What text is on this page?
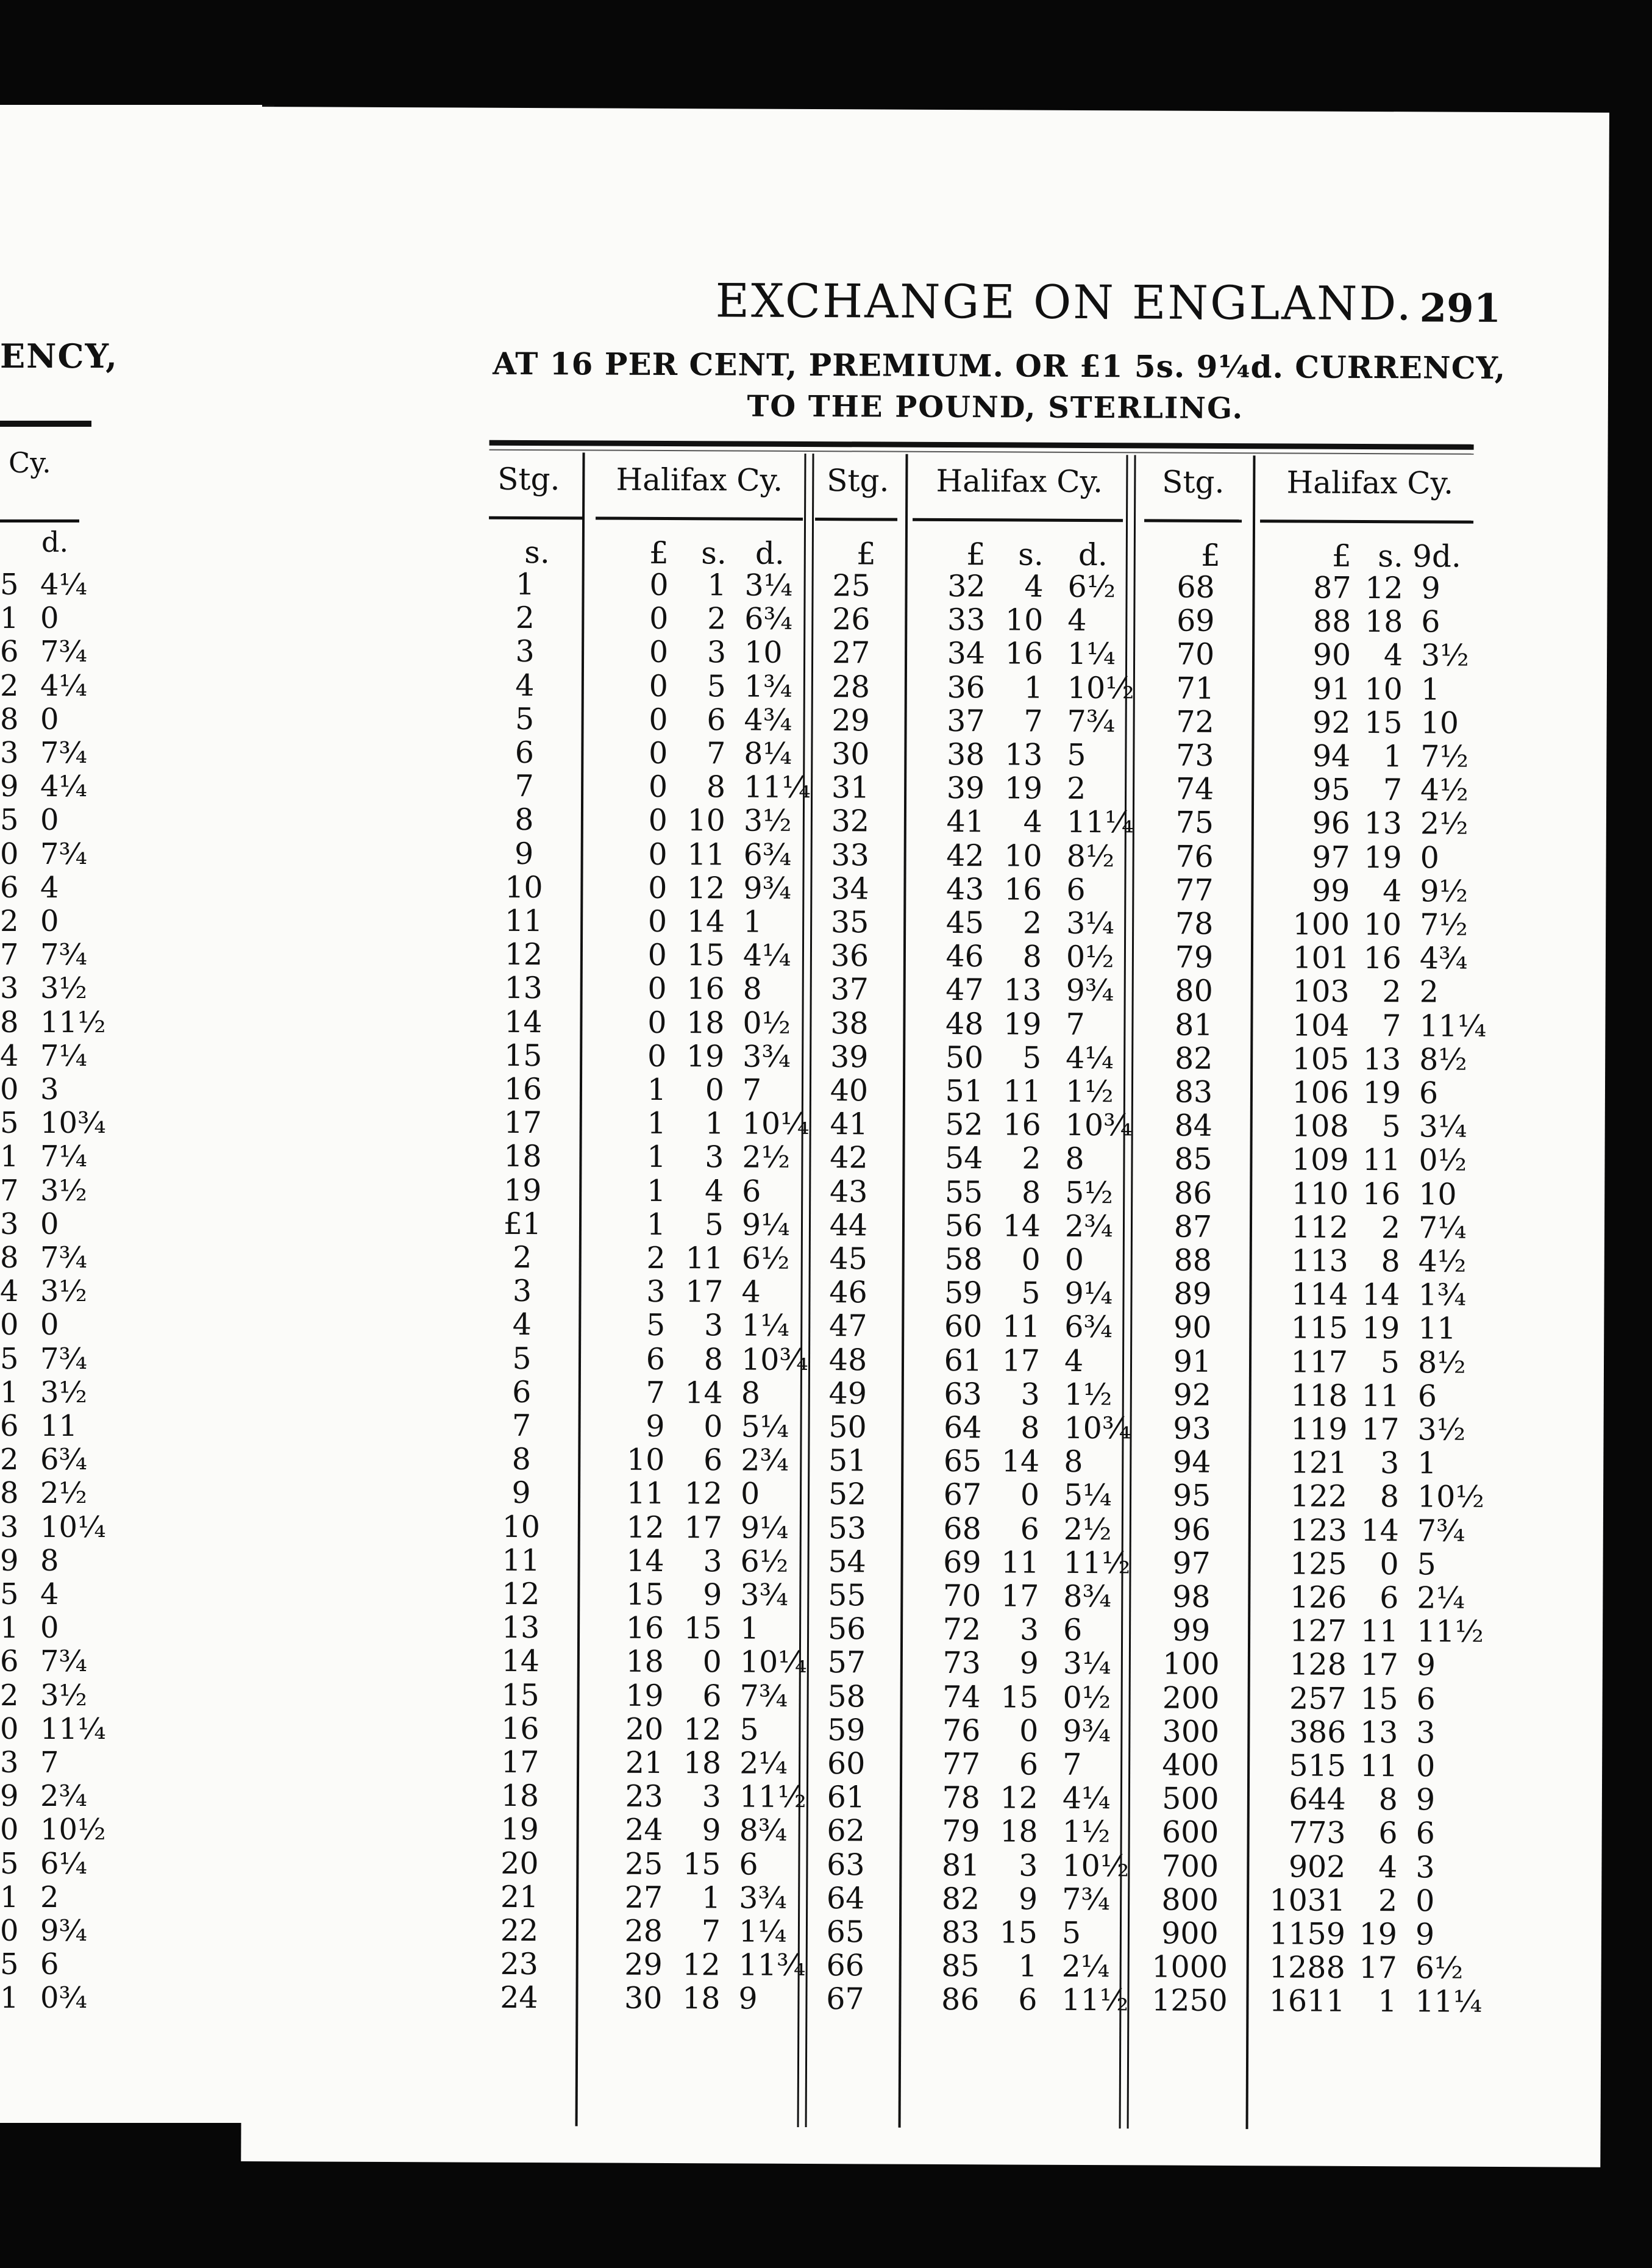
ENCY,
Cy.
d.
5 4¼
1 0
6 7¾
2 4¼
8 0
3 7¾
9 4¼
5 0
0 7¾
6 4
2 0
7 7¾
3 3½
8 11½
4 7¼
0 3
5 10¾
1 7¼
7 3½
3 0
8 7¾
4 3½
0 0
5 7¾
1 3½
6 11
2 6¾
8 2½
3 10¼
9 8
5 4
1 0
6 7¾
2 3½
0 11¼
3 7
9 2¾
0 10½
5 6¼
1 2
0 9¾
5 6
1 0¾
EXCHANGE ON ENGLAND. 291
AT 16 PER CENT, PREMIUM. OR £1 5s. 9¼d. CURRENCY,
TO THE POUND, STERLING.
Stg.	Halifax Cy.	Stg.	Halifax Cy.	Stg.	Halifax Cy.
s.	£	s. d.
1	0	1 3¼
2	0	2 6¾
3	0	3 10
4	0	5 1¾
5	0	6 4¾
6	0	7 8¼
7	0	8 11¼
8	0 10 3½
9	0 11 6¾
10	0 12 9¾
11	0 14 1
12	0 15 4¼
13	0 16 8
14	0 18 0½
15	0 19 3¾
16	1	0 7
17	1	1 10¼
18	1	3 2½
19	1	4 6
£1	1	5 9¼
2	2 11 6½
3	3 17 4
4	5	3 1¼
5	6	8 10¾
6	7 14 8
7	9	0 5¼
8	10	6 2¾
9	11 12 0
10	12 17 9¼
11	14	3 6½
12	15	9 3¾
13	16 15 1
14	18	0 10¼
15	19	6 7¾
16	20 12 5
17	21 18 2¼
18	23	3 11½
19	24	9 8¾
20	25 15 6
21	27	1 3¾
22	28	7 1¼
23	29 12 11¾
24	30 18 9
£	£	s.	d.
25	32	4 6½
26	33 10 4
27	34 16 1¼
28	36	1 10½
29	37	7 7¾
30	38 13 5
31	39 19 2
32	41	4 11¼
33	42 10 8½
34	43 16 6
35	45	2 3¼
36	46	8 0½
37	47 13 9¾
38	48 19 7
39	50	5 4¼
40	51 11 1½
41	52 16 10¾
42	54	2 8
43	55	8 5½
44	56 14 2¾
45	58	0 0
46	59	5 9¼
47	60 11 6¾
48	61 17 4
49	63	3 1½
50	64	8 10¾
51	65 14 8
52	67	0 5¼
53	68	6 2½
54	69 11 11½
55	70 17 8¾
56	72	3 6
57	73	9 3¼
58	74 15 0½
59	76	0 9¾
60	77	6 7
61	78 12 4¼
62	79 18 1½
63	81	3 10½
64	82	9 7¾
65	83 15 5
66	85	1 2¼
67	86	6 11½
£	£ s. 9d.
68	87 12 9
69	88 18 6
70	90	4 3½
71	91 10 1
72	92 15 10
73	94	1 7½
74	95	7 4½
75	96 13 2½
76	97 19 0
77	99	4 9½
78	100 10 7½
79	101 16 4¾
80	103	2 2
81	104	7 11¼
82	105 13 8½
83	106 19 6
84	108	5 3¼
85	109 11 0½
86	110 16 10
87	112	2 7¼
88	113	8 4½
89	114 14 1¾
90	115 19 11
91	117	5 8½
92	118 11 6
93	119 17 3½
94	121	3 1
95	122	8 10½
96	123 14 7¾
97	125	0 5
98	126	6 2¼
99	127 11 11½
100	128 17 9
200	257 15 6
300	386 13 3
400	515 11 0
500	644	8 9
600	773	6 6
700	902	4 3
800	1031	2 0
900	1159 19 9
1000	1288 17 6½
1250	1611	1 11¼
